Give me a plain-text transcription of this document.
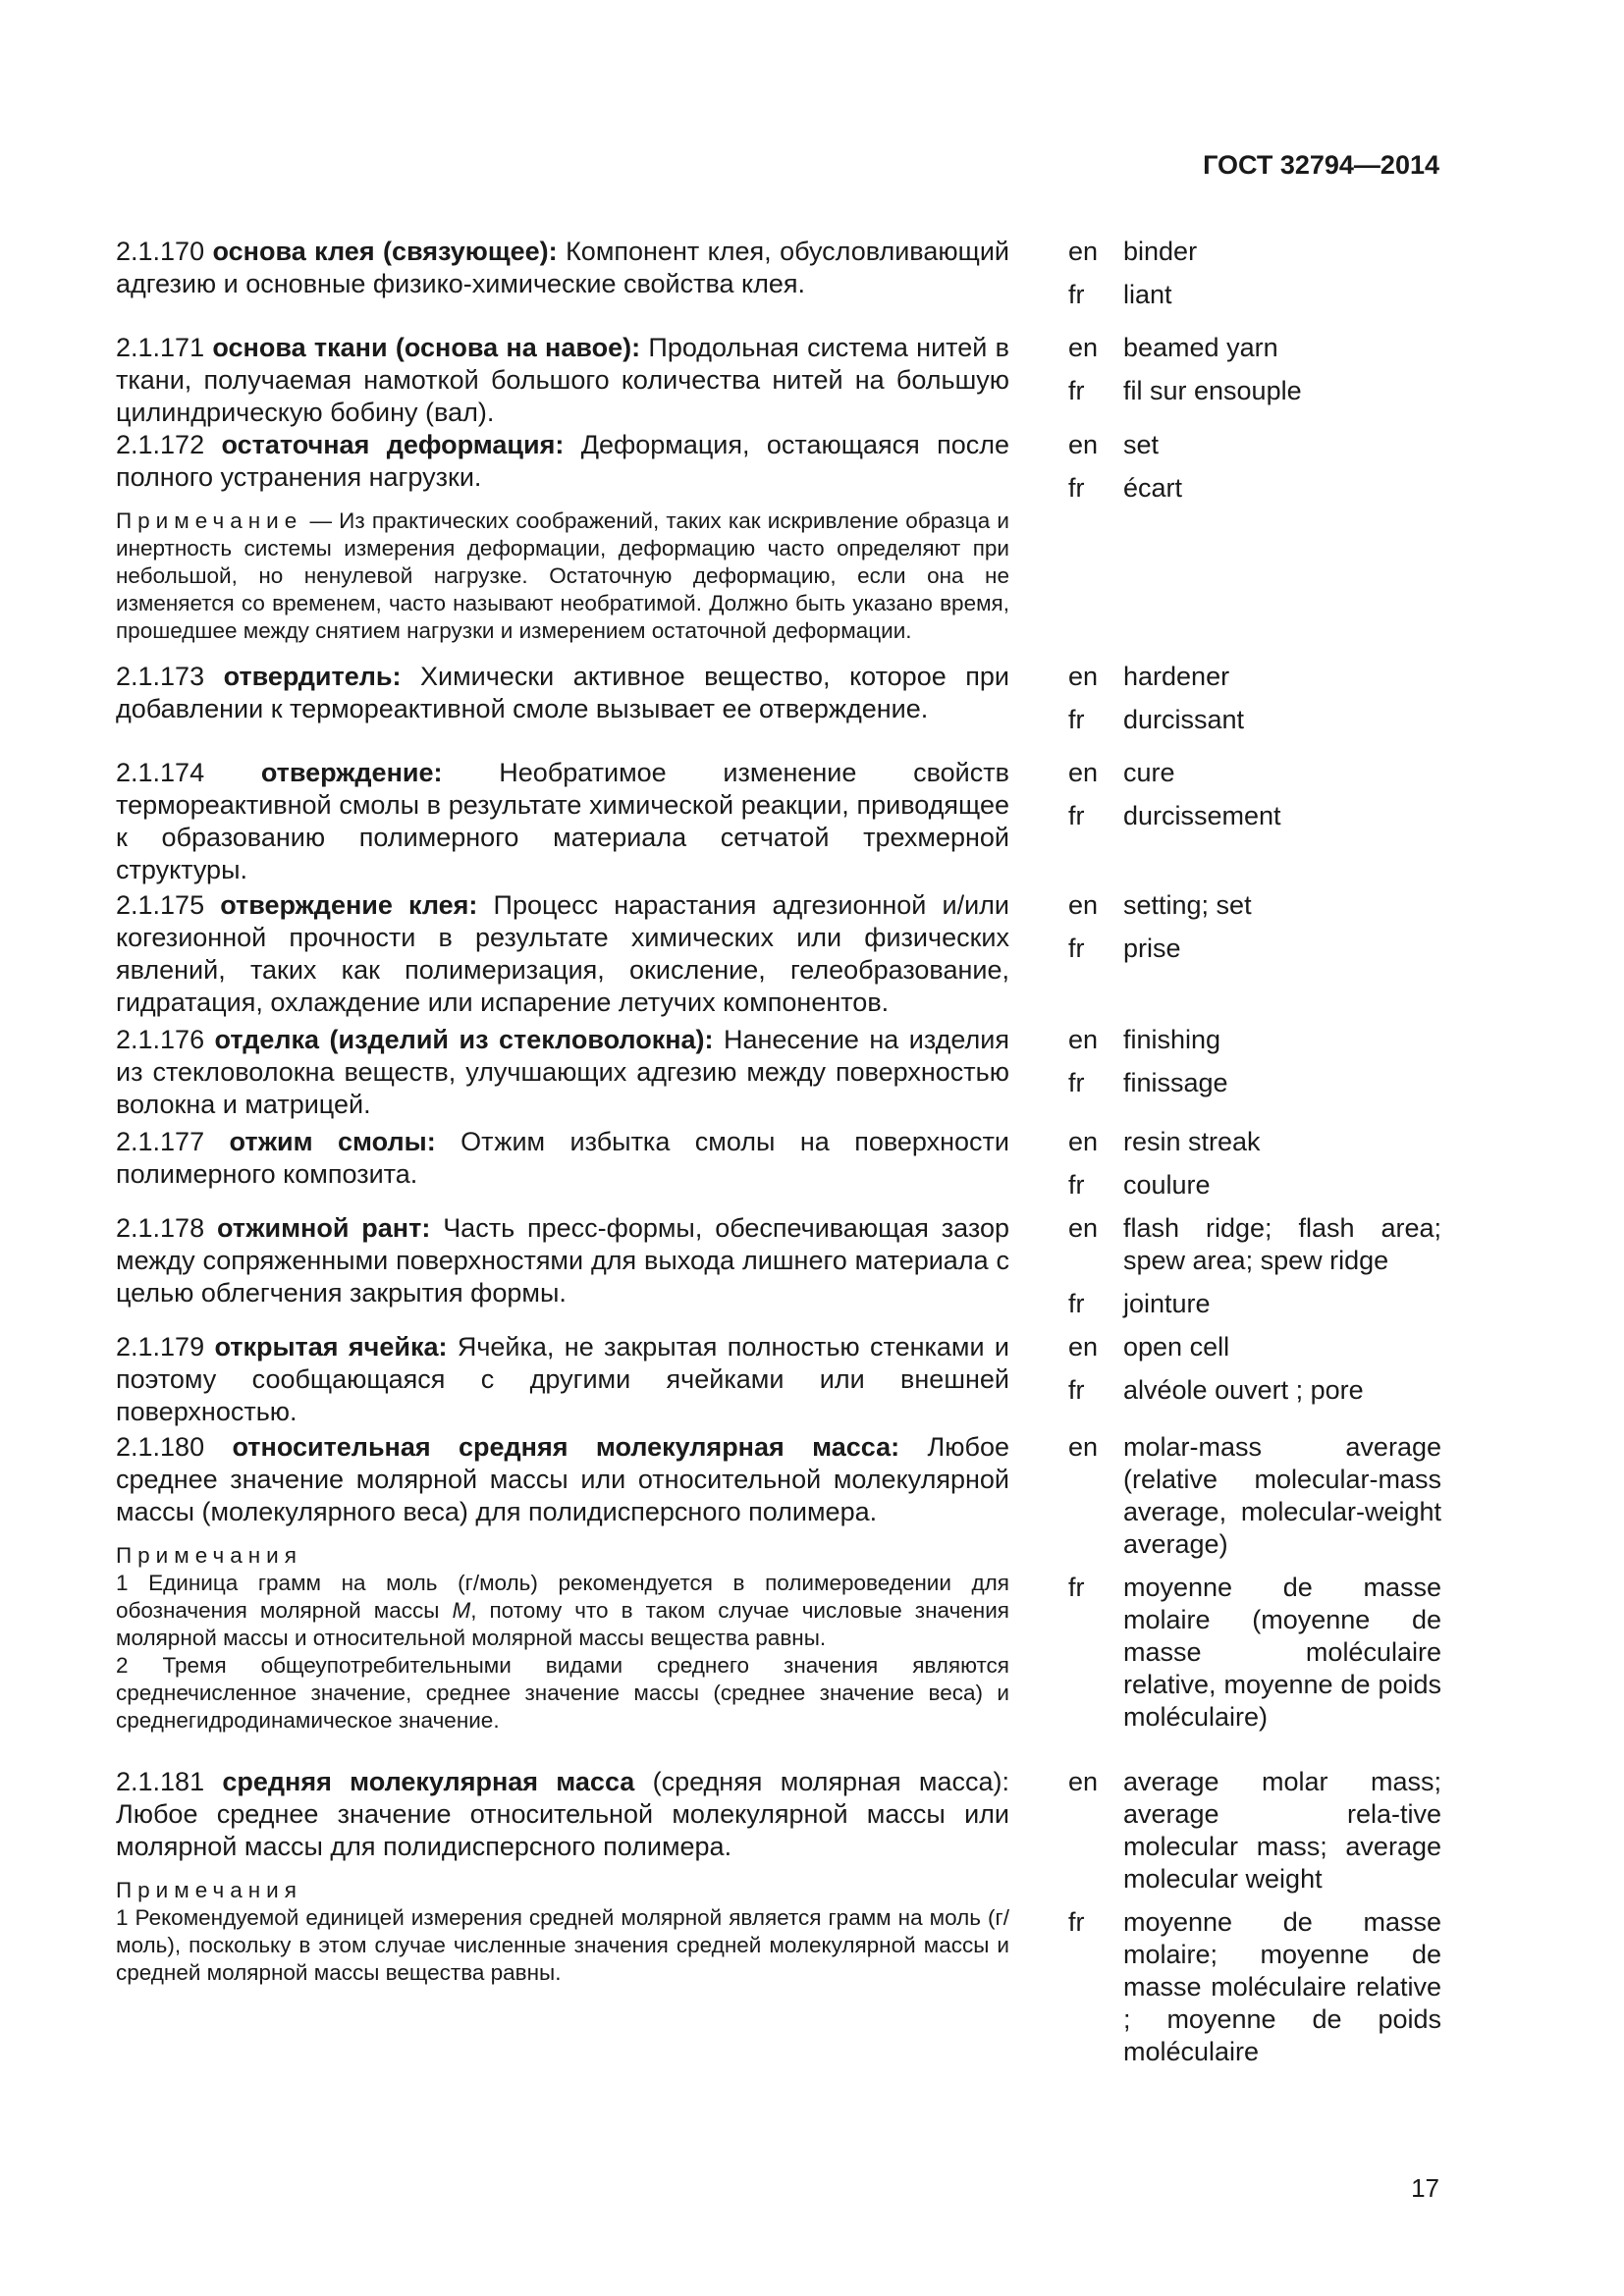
ГОСТ 32794—2014

2.1.170 основа клея (связующее): Компонент клея, обусловливающий адгезию и основные физико-химические свойства клея.

en binder
fr	liant

2.1.171 основа ткани (основа на навое): Продольная система нитей в ткани, получаемая намоткой большого количества нитей на большую цилиндрическую бобину (вал).

en beamed yarn
fr	fil sur ensouple

2.1.172 остаточная деформация: Деформация, остающаяся после полного устранения нагрузки.

Примечание — Из практических соображений, таких как искривление образца и инертность системы измерения деформации, деформацию часто определяют при небольшой, но ненулевой нагрузке. Остаточную деформацию, если она не изменяется со временем, часто называют необратимой. Должно быть указано время, прошедшее между снятием нагрузки и измерением остаточной деформации.

en set
fr	écart

2.1.173 отвердитель: Химически активное вещество, которое при добавлении к термореактивной смоле вызывает ее отверждение.

en hardener
fr	durcissant

2.1.174 отверждение: Необратимое изменение свойств термореактивной смолы в результате химической реакции, приводящее к образованию полимерного материала сетчатой трехмерной структуры.

en cure
fr	durcissement

2.1.175 отверждение клея: Процесс нарастания адгезионной и/или когезионной прочности в результате химических или физических явлений, таких как полимеризация, окисление, гелеобразование, гидратация, охлаждение или испарение летучих компонентов.

en setting; set
fr	prise

2.1.176 отделка (изделий из стекловолокна): Нанесение на изделия из стекловолокна веществ, улучшающих адгезию между поверхностью волокна и матрицей.

en finishing
fr	finissage

2.1.177 отжим смолы: Отжим избытка смолы на поверхности полимерного композита.

en resin streak
fr	coulure

2.1.178 отжимной рант: Часть пресс-формы, обеспечивающая зазор между сопряженными поверхностями для выхода лишнего материала с целью облегчения закрытия формы.

en flash ridge; flash area; spew area; spew ridge
fr	jointure

2.1.179 открытая ячейка: Ячейка, не закрытая полностью стенками и поэтому сообщающаяся с другими ячейками или внешней поверхностью.

en open cell
fr	alvéole ouvert ; pore

2.1.180 относительная средняя молекулярная масса: Любое среднее значение молярной массы или относительной молекулярной массы (молекулярного веса) для полидисперсного полимера.

Примечания

1 Единица грамм на моль (г/моль) рекомендуется в полимероведении для обозначения молярной массы M, потому что в таком случае числовые значения молярной массы и относительной молярной массы вещества равны.

2 Тремя общеупотребительными видами среднего значения являются среднечисленное значение, среднее значение массы (среднее значение веса) и среднегидродинамическое значение.

en molar-mass average (relative molecular-mass average, molecular-weight average)
fr	moyenne de masse molaire (moyenne de masse moléculaire relative, moyenne de poids moléculaire)

2.1.181 средняя молекулярная масса (средняя молярная масса): Любое среднее значение относительной молекулярной массы или молярной массы для полидисперсного полимера.

Примечания

1 Рекомендуемой единицей измерения средней молярной является грамм на моль (г/моль), поскольку в этом случае численные значения средней молекулярной массы и средней молярной массы вещества равны.

en average molar mass; average rela-tive molecular mass; average molecular weight
fr	moyenne de masse molaire; moyenne de masse moléculaire relative ; moyenne de poids moléculaire
17
